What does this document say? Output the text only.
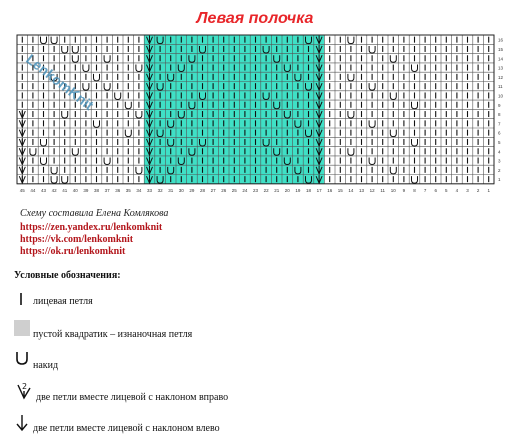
Левая полочка
45 44 43 42 41 40 39 38 37 36 35 34 33 32 31 30 29 28 27 26 25 24 23 22 21 20 19 18 17 16 15 14 13 12 11 10 9 8 7 6 5 4 3 2 1
16
15
14
13
12
11
10
9
8
7
6
5
4
3
2
1
LenkomKnit
Схему составила Елена Комлякова
https://zen.yandex.ru/lenkomknit
https://vk.com/lenkomknit
https://ok.ru/lenkomknit
Условные обозначения:
лицевая петля
пустой квадратик – изнаночная петля
накид
2
две петли вместе лицевой с наклоном вправо
две петли вместе лицевой с наклоном влево
